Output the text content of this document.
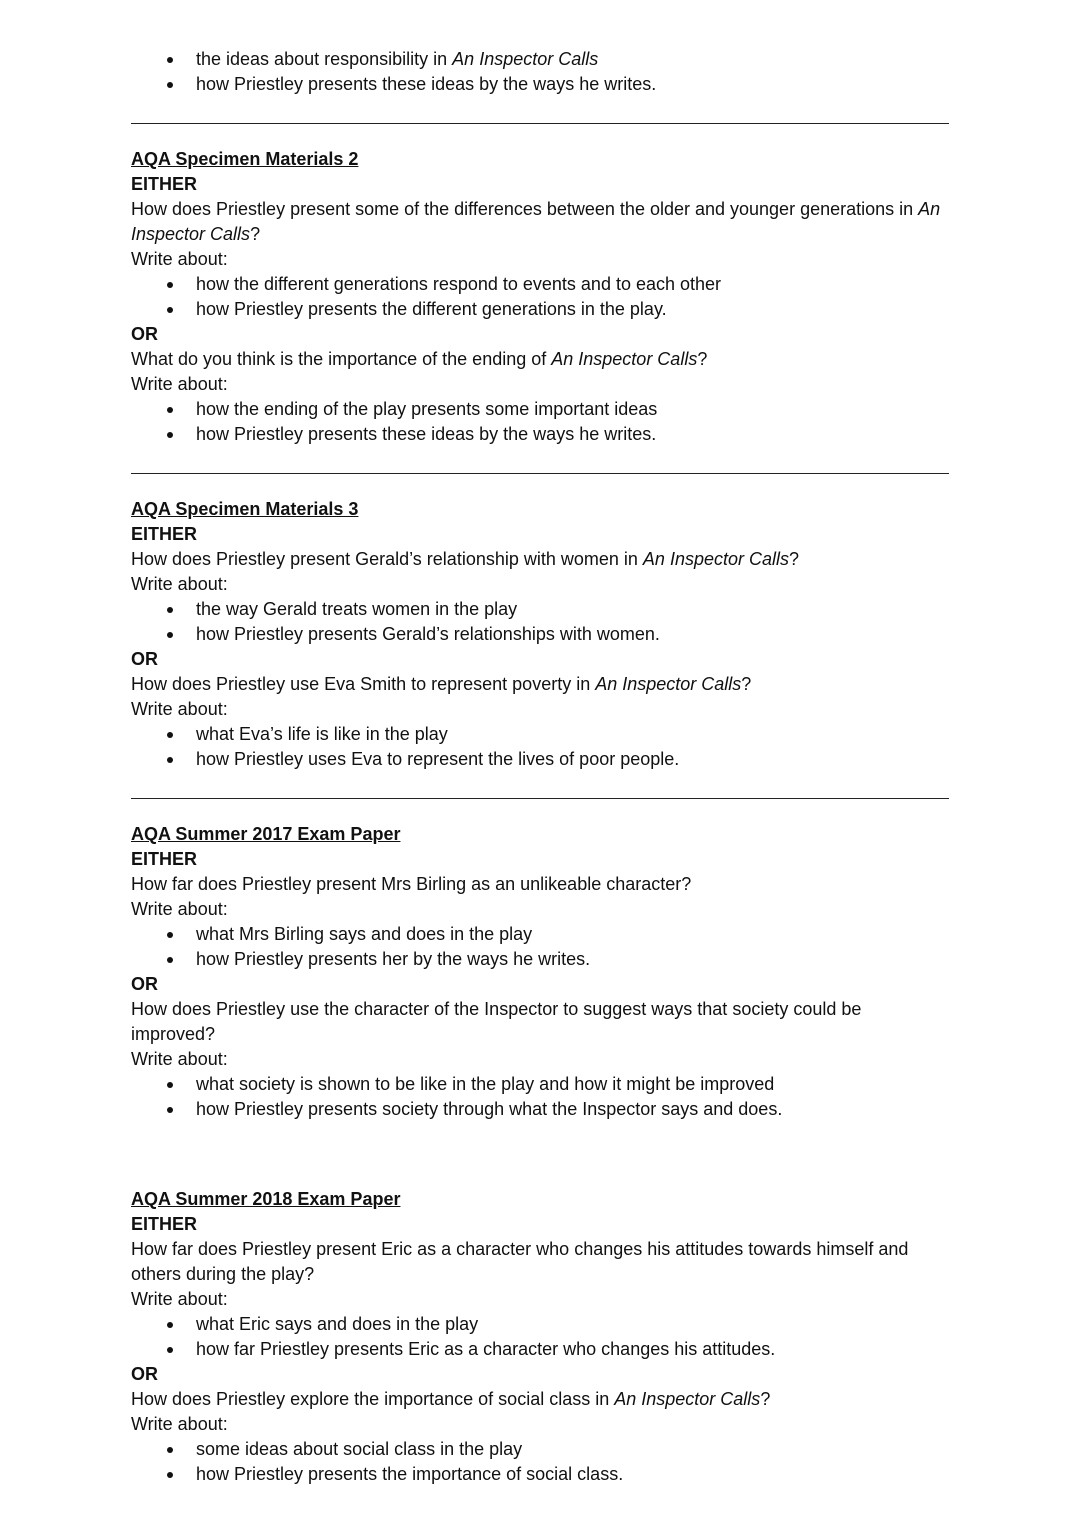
the ideas about responsibility in An Inspector Calls
how Priestley presents these ideas by the ways he writes.
AQA Specimen Materials 2
EITHER
How does Priestley present some of the differences between the older and younger generations in An Inspector Calls?
Write about:
how the different generations respond to events and to each other
how Priestley presents the different generations in the play.
OR
What do you think is the importance of the ending of An Inspector Calls?
Write about:
how the ending of the play presents some important ideas
how Priestley presents these ideas by the ways he writes.
AQA Specimen Materials 3
EITHER
How does Priestley present Gerald’s relationship with women in An Inspector Calls?
Write about:
the way Gerald treats women in the play
how Priestley presents Gerald’s relationships with women.
OR
How does Priestley use Eva Smith to represent poverty in An Inspector Calls?
Write about:
what Eva’s life is like in the play
how Priestley uses Eva to represent the lives of poor people.
AQA Summer 2017 Exam Paper
EITHER
How far does Priestley present Mrs Birling as an unlikeable character?
Write about:
what Mrs Birling says and does in the play
how Priestley presents her by the ways he writes.
OR
How does Priestley use the character of the Inspector to suggest ways that society could be improved?
Write about:
what society is shown to be like in the play and how it might be improved
how Priestley presents society through what the Inspector says and does.
AQA Summer 2018 Exam Paper
EITHER
How far does Priestley present Eric as a character who changes his attitudes towards himself and others during the play?
Write about:
what Eric says and does in the play
how far Priestley presents Eric as a character who changes his attitudes.
OR
How does Priestley explore the importance of social class in An Inspector Calls?
Write about:
some ideas about social class in the play
how Priestley presents the importance of social class.
